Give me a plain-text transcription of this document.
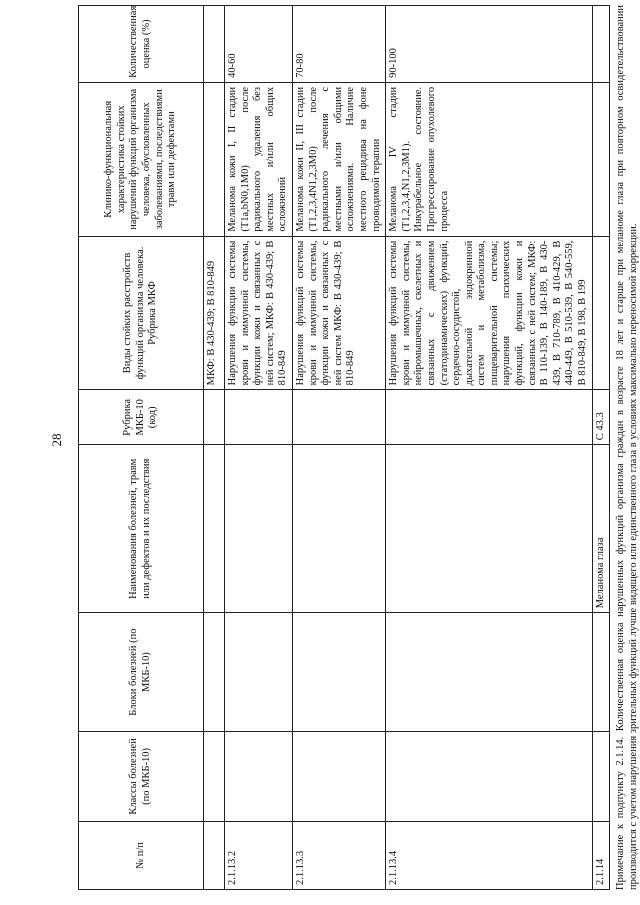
28
№ п/п	Классы болезней (по МКБ-10)	Блоки болезней (по МКБ-10)	Наименования болезней, травм или дефектов и их последствия	Рубрика МКБ-10 (код)	Виды стойких расстройств функций организма человека. Рубрика МКФ	Клинико-функциональная характеристика стойких нарушений функций организма человека, обусловленных заболеваниями, последствиями травм или дефектами	Количественная оценка (%)
					МКФ: В 430-439; В 810-849		
2.1.13.2					Нарушения функции системы крови и иммунной системы, функции кожи и связанных с ней систем; МКФ: В 430-439; В 810-849	Меланома кожи I, II стадии (T1a,bN0,1M0) после радикального удаления без местных и/или общих осложнений	40-60
2.1.13.3					Нарушения функций системы крови и иммунной системы, функции кожи и связанных с ней систем МКФ: В 430-439; В 810-849	Меланома кожи II, III стадии (T1,2,3,4N1,2,3M0) после радикального лечения с местными и/или общими осложнениями. Наличие местного рецидива на фоне проводимой терапии	70-80
2.1.13.4					Нарушения функций системы крови и иммунной системы, нейромышечных, скелетных и связанных с движением (статодинамических) функций, сердечно-сосудистой, дыхательной эндокринной систем и метаболизма, пищеварительной системы; нарушения психических функций, функции кожи и связанных с ней систем; МКФ: В 110-139, В 140-189, В 430-439, В 710-789, В 410-429, В 440-449, В 510-539, В 540-559, В 810-849, В 198, В 199	Меланома IV стадии (T1,2,3,4,N1,2,3M1). Инкурабельное состояние. Прогрессирование опухолевого процесса	90-100
2.1.14			Меланома глаза	С 43.3			Примечание к подпункту 2.1.14. Количественная оценка нарушенных функций организма граждан в возрасте 18 лет и старше при меланоме глаза при повторном освидетельствовании производится с учетом нарушения зрительных функций лучше видящего или единственного глаза в условиях максимально переносимой коррекции.
